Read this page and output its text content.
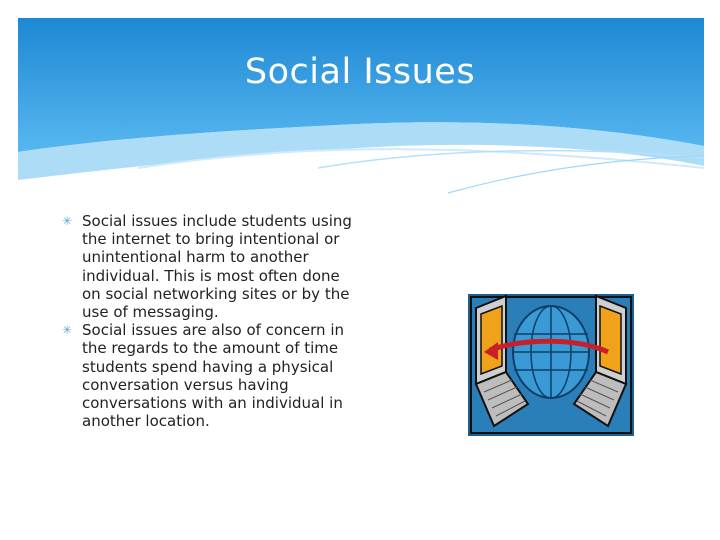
Social Issues
✳ Social issues include students using the internet to bring intentional or unintentional harm to another individual. This is most often done on social networking sites or by the use of messaging.
✳ Social issues are also of concern in the regards to the amount of time students spend having a physical conversation versus having conversations with an individual in another location.
